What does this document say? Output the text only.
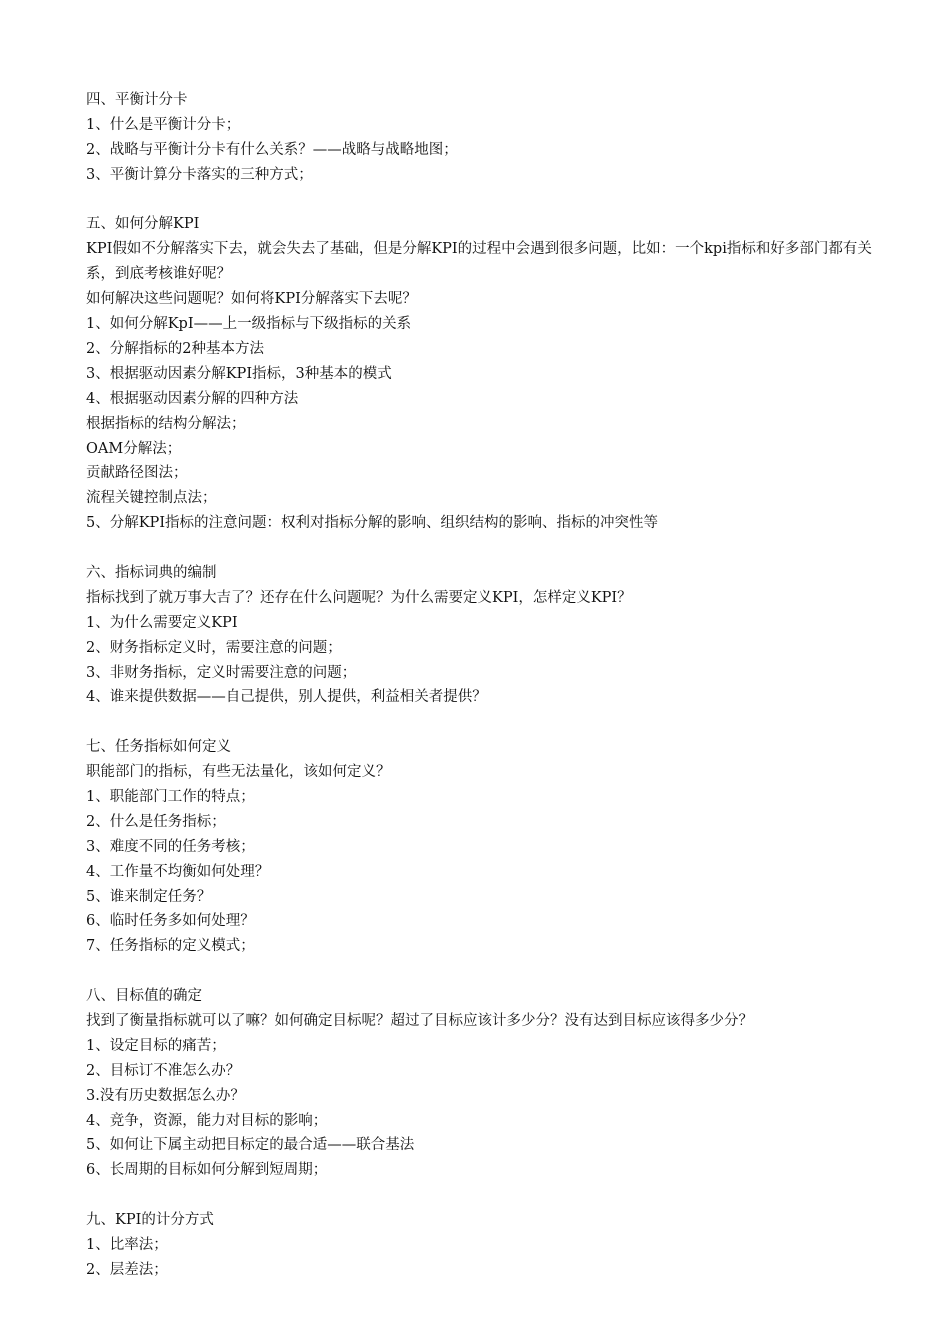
四、平衡计分卡
1、什么是平衡计分卡；
2、战略与平衡计分卡有什么关系？——战略与战略地图；
3、平衡计算分卡落实的三种方式；
五、如何分解KPI
KPI假如不分解落实下去，就会失去了基础，但是分解KPI的过程中会遇到很多问题，比如：一个kpi指标和好多部门都有关系，到底考核谁好呢？
如何解决这些问题呢？如何将KPI分解落实下去呢？
1、如何分解KpI——上一级指标与下级指标的关系
2、分解指标的2种基本方法
3、根据驱动因素分解KPI指标，3种基本的模式
4、根据驱动因素分解的四种方法
根据指标的结构分解法；
OAM分解法；
贡献路径图法；
流程关键控制点法；
5、分解KPI指标的注意问题：权利对指标分解的影响、组织结构的影响、指标的冲突性等
六、指标词典的编制
指标找到了就万事大吉了？还存在什么问题呢？为什么需要定义KPI，怎样定义KPI？
1、为什么需要定义KPI
2、财务指标定义时，需要注意的问题；
3、非财务指标，定义时需要注意的问题；
4、谁来提供数据——自己提供，别人提供，利益相关者提供？
七、任务指标如何定义
职能部门的指标，有些无法量化，该如何定义？
1、职能部门工作的特点；
2、什么是任务指标；
3、难度不同的任务考核；
4、工作量不均衡如何处理？
5、谁来制定任务？
6、临时任务多如何处理？
7、任务指标的定义模式；
八、目标值的确定
找到了衡量指标就可以了嘛？如何确定目标呢？超过了目标应该计多少分？没有达到目标应该得多少分？
1、设定目标的痛苦；
2、目标订不准怎么办？
3.没有历史数据怎么办？
4、竞争，资源，能力对目标的影响；
5、如何让下属主动把目标定的最合适——联合基法
6、长周期的目标如何分解到短周期；
九、KPI的计分方式
1、比率法；
2、层差法；
